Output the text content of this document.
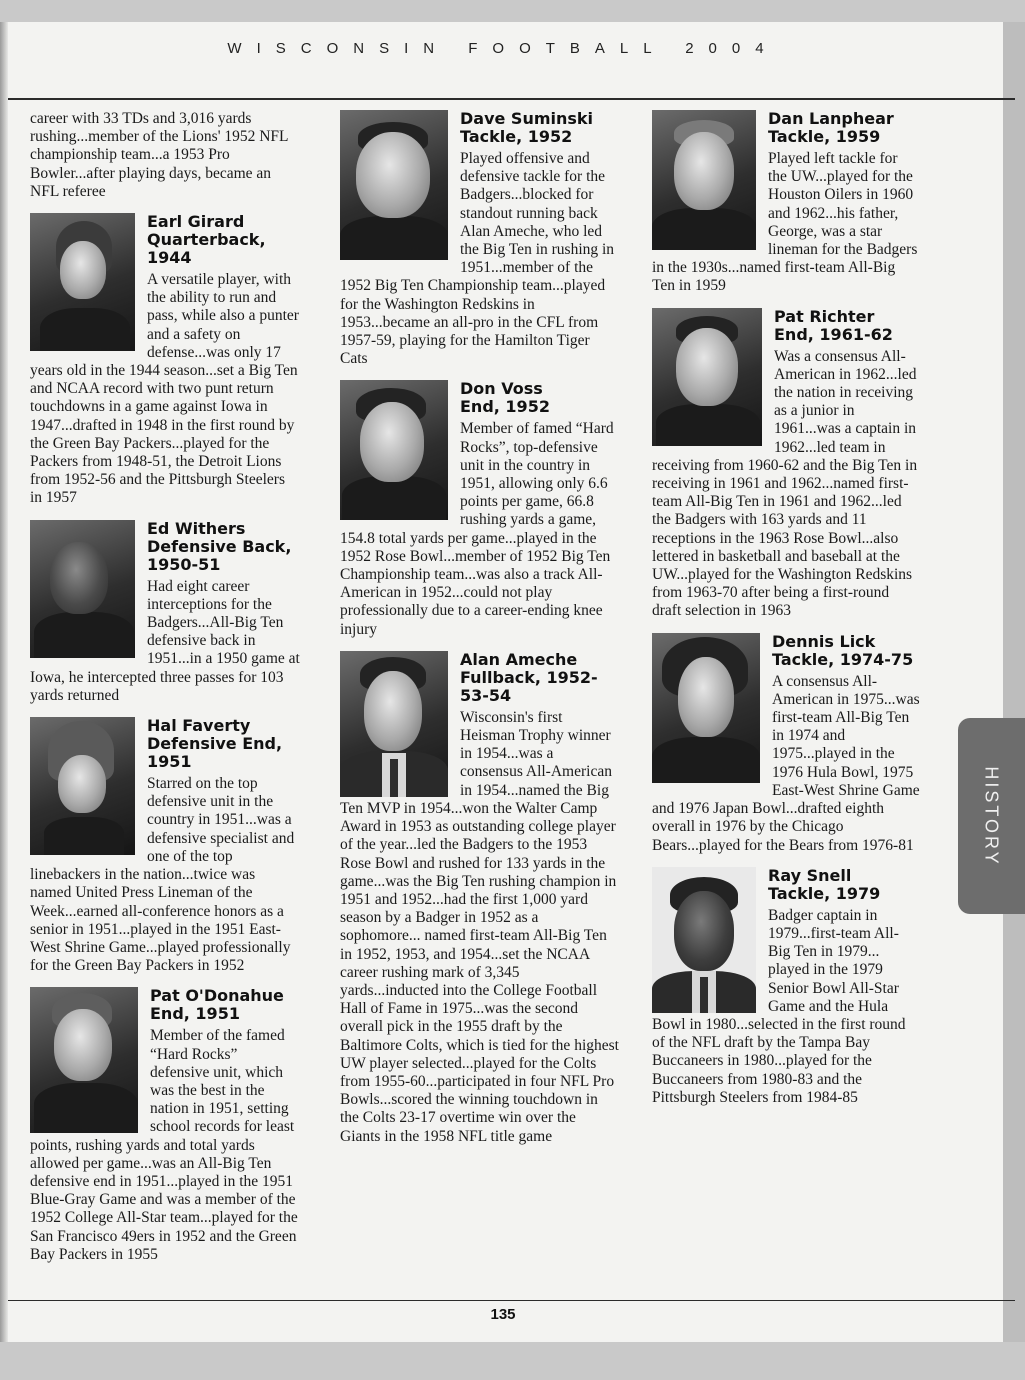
WISCONSIN FOOTBALL 2004

career with 33 TDs and 3,016 yards rushing...member of the Lions' 1952 NFL championship team...a 1953 Pro Bowler...after playing days, became an NFL referee

Earl Girard
Quarterback, 1944
A versatile player, with the ability to run and pass, while also a punter and a safety on defense...was only 17 years old in the 1944 season...set a Big Ten and NCAA record with two punt return touchdowns in a game against Iowa in 1947...drafted in 1948 in the first round by the Green Bay Packers...played for the Packers from 1948-51, the Detroit Lions from 1952-56 and the Pittsburgh Steelers in 1957
Ed Withers
Defensive Back, 1950-51
Had eight career interceptions for the Badgers...All-Big Ten defensive back in 1951...in a 1950 game at Iowa, he intercepted three passes for 103 yards returned
Hal Faverty
Defensive End, 1951
Starred on the top defensive unit in the country in 1951...was a defensive specialist and one of the top linebackers in the nation...twice was named United Press Lineman of the Week...earned all-conference honors as a senior in 1951...played in the 1951 East-West Shrine Game...played professionally for the Green Bay Packers in 1952
Pat O'Donahue
End, 1951
Member of the famed “Hard Rocks” defensive unit, which was the best in the nation in 1951, setting school records for least points, rushing yards and total yards allowed per game...was an All-Big Ten defensive end in 1951...played in the 1951 Blue-Gray Game and was a member of the 1952 College All-Star team...played for the San Francisco 49ers in 1952 and the Green Bay Packers in 1955
Dave Suminski
Tackle, 1952
Played offensive and defensive tackle for the Badgers...blocked for standout running back Alan Ameche, who led the Big Ten in rushing in 1951...member of the 1952 Big Ten Championship team...played for the Washington Redskins in 1953...became an all-pro in the CFL from 1957-59, playing for the Hamilton Tiger Cats
Don Voss
End, 1952
Member of famed “Hard Rocks”, top-defensive unit in the country in 1951, allowing only 6.6 points per game, 66.8 rushing yards a game, 154.8 total yards per game...played in the 1952 Rose Bowl...member of 1952 Big Ten Championship team...was also a track All-American in 1952...could not play professionally due to a career-ending knee injury
Alan Ameche
Fullback, 1952-53-54
Wisconsin's first Heisman Trophy winner in 1954...was a consensus All-American in 1954...named the Big Ten MVP in 1954...won the Walter Camp Award in 1953 as outstanding college player of the year...led the Badgers to the 1953 Rose Bowl and rushed for 133 yards in the game...was the Big Ten rushing champion in 1951 and 1952...had the first 1,000 yard season by a Badger in 1952 as a sophomore... named first-team All-Big Ten in 1952, 1953, and 1954...set the NCAA career rushing mark of 3,345 yards...inducted into the College Football Hall of Fame in 1975...was the second overall pick in the 1955 draft by the Baltimore Colts, which is tied for the highest UW player selected...played for the Colts from 1955-60...participated in four NFL Pro Bowls...scored the winning touchdown in the Colts 23-17 overtime win over the Giants in the 1958 NFL title game
Dan Lanphear
Tackle, 1959
Played left tackle for the UW...played for the Houston Oilers in 1960 and 1962...his father, George, was a star lineman for the Badgers in the 1930s...named first-team All-Big Ten in 1959
Pat Richter
End, 1961-62
Was a consensus All-American in 1962...led the nation in receiving as a junior in 1961...was a captain in 1962...led team in receiving from 1960-62 and the Big Ten in receiving in 1961 and 1962...named first-team All-Big Ten in 1961 and 1962...led the Badgers with 163 yards and 11 receptions in the 1963 Rose Bowl...also lettered in basketball and baseball at the UW...played for the Washington Redskins from 1963-70 after being a first-round draft selection in 1963
Dennis Lick
Tackle, 1974-75
A consensus All-American in 1975...was first-team All-Big Ten in 1974 and 1975...played in the 1976 Hula Bowl, 1975 East-West Shrine Game and 1976 Japan Bowl...drafted eighth overall in 1976 by the Chicago Bears...played for the Bears from 1976-81
Ray Snell
Tackle, 1979
Badger captain in 1979...first-team All-Big Ten in 1979... played in the 1979 Senior Bowl All-Star Game and the Hula Bowl in 1980...selected in the first round of the NFL draft by the Tampa Bay Buccaneers in 1980...played for the Buccaneers from 1980-83 and the Pittsburgh Steelers from 1984-85
HISTORY
135
